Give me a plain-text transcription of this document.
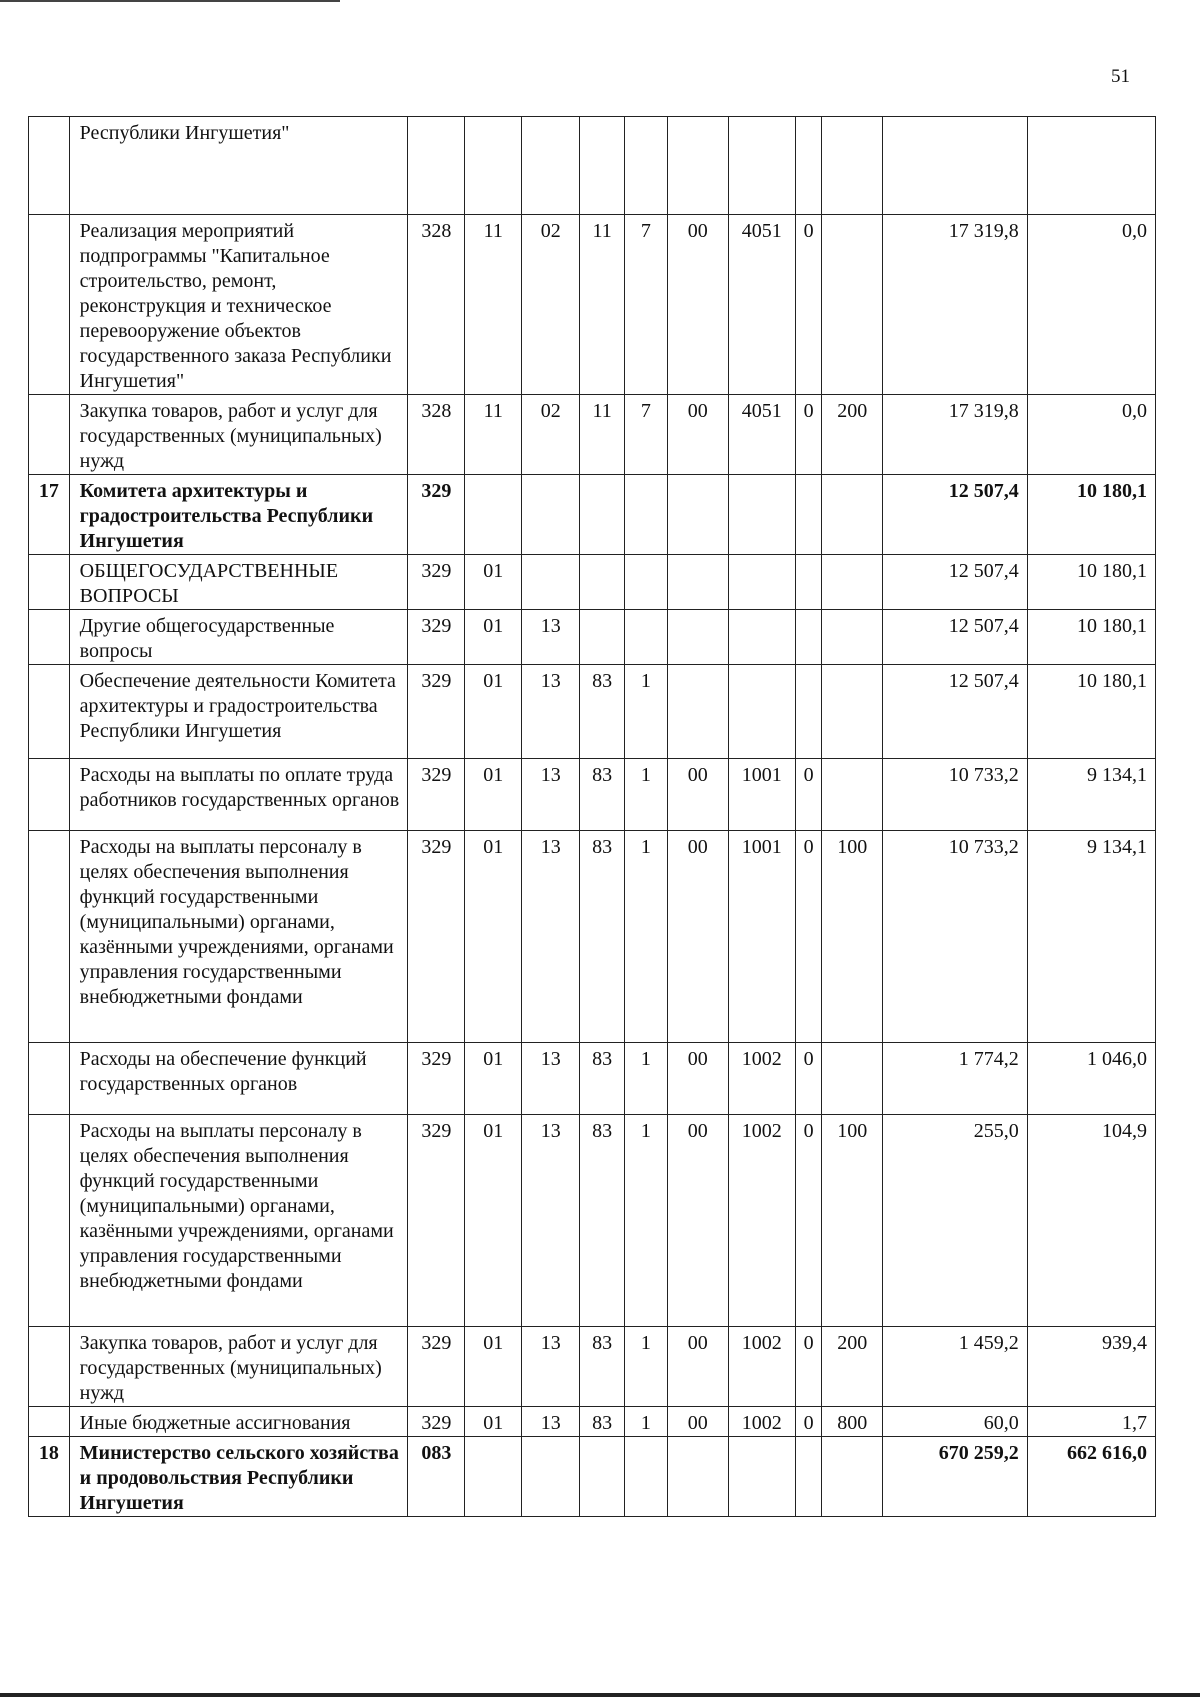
51
	Республики Ингушетия"											
	Реализация мероприятий подпрограммы "Капитальное строительство, ремонт, реконструкция и техническое перевооружение объектов государственного заказа Республики Ингушетия"	328	11	02	11	7	00	4051	0		17 319,8	0,0
	Закупка товаров, работ и услуг для государственных (муниципальных) нужд	328	11	02	11	7	00	4051	0	200	17 319,8	0,0
17	Комитета архитектуры и градостроительства Республики Ингушетия	329									12 507,4	10 180,1
	ОБЩЕГОСУДАРСТВЕННЫЕ ВОПРОСЫ	329	01								12 507,4	10 180,1
	Другие общегосударственные вопросы	329	01	13							12 507,4	10 180,1
	Обеспечение деятельности Комитета архитектуры и градостроительства Республики Ингушетия	329	01	13	83	1					12 507,4	10 180,1
	Расходы на выплаты по оплате труда работников государственных органов	329	01	13	83	1	00	1001	0		10 733,2	9 134,1
	Расходы на выплаты персоналу в целях обеспечения выполнения функций государственными (муниципальными) органами, казёнными учреждениями, органами управления государственными внебюджетными фондами	329	01	13	83	1	00	1001	0	100	10 733,2	9 134,1
	Расходы на обеспечение функций государственных органов	329	01	13	83	1	00	1002	0		1 774,2	1 046,0
	Расходы на выплаты персоналу в целях обеспечения выполнения функций государственными (муниципальными) органами, казёнными учреждениями, органами управления государственными внебюджетными фондами	329	01	13	83	1	00	1002	0	100	255,0	104,9
	Закупка товаров, работ и услуг для государственных (муниципальных) нужд	329	01	13	83	1	00	1002	0	200	1 459,2	939,4
	Иные бюджетные ассигнования	329	01	13	83	1	00	1002	0	800	60,0	1,7
18	Министерство сельского хозяйства и продовольствия Республики Ингушетия	083									670 259,2	662 616,0
